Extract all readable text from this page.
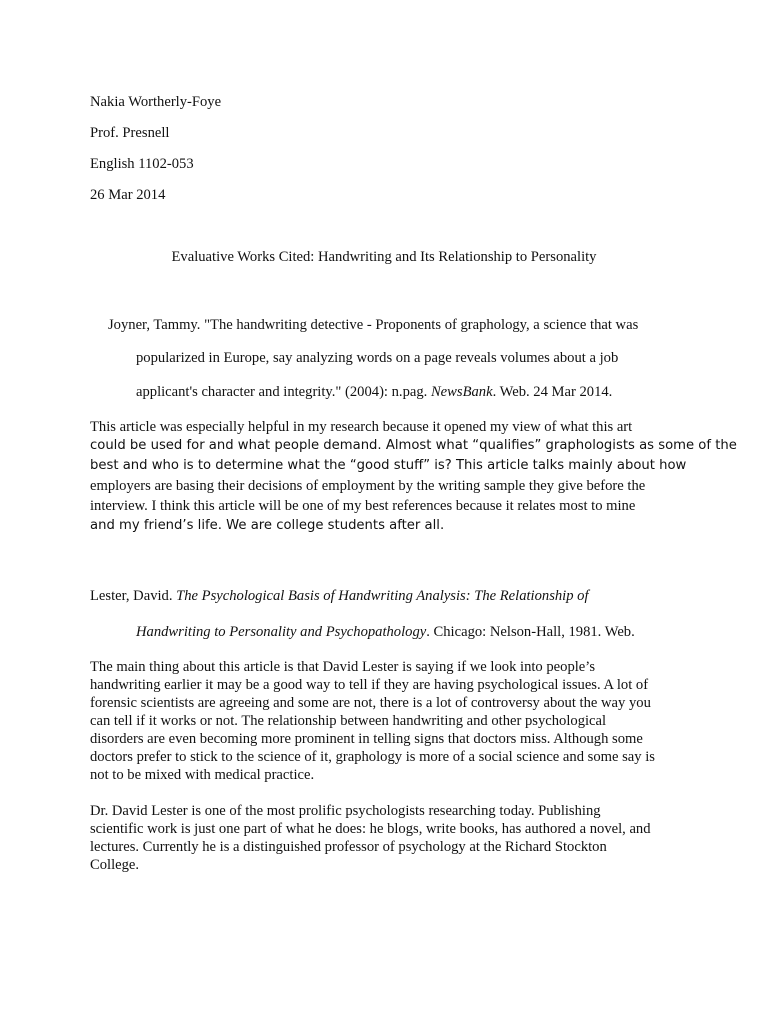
Nakia Wortherly-Foye
Prof. Presnell
English 1102-053
26 Mar 2014
Evaluative Works Cited: Handwriting and Its Relationship to Personality
Joyner, Tammy. "The handwriting detective - Proponents of graphology, a science that was
popularized in Europe, say analyzing words on a page reveals volumes about a job
applicant's character and integrity." (2004): n.pag. NewsBank. Web. 24 Mar 2014.
This article was especially helpful in my research because it opened my view of what this art
could be used for and what people demand. Almost what “qualifies” graphologists as some of the
best and who is to determine what the “good stuff” is? This article talks mainly about how
employers are basing their decisions of employment by the writing sample they give before the
interview. I think this article will be one of my best references because it relates most to mine
and my friend’s life. We are college students after all.
Lester, David. The Psychological Basis of Handwriting Analysis: The Relationship of
Handwriting to Personality and Psychopathology. Chicago: Nelson-Hall, 1981. Web.
The main thing about this article is that David Lester is saying if we look into people’s
handwriting earlier it may be a good way to tell if they are having psychological issues. A lot of
forensic scientists are agreeing and some are not, there is a lot of controversy about the way you
can tell if it works or not. The relationship between handwriting and other psychological
disorders are even becoming more prominent in telling signs that doctors miss. Although some
doctors prefer to stick to the science of it, graphology is more of a social science and some say is
not to be mixed with medical practice.
Dr. David Lester is one of the most prolific psychologists researching today. Publishing
scientific work is just one part of what he does: he blogs, write books, has authored a novel, and
lectures. Currently he is a distinguished professor of psychology at the Richard Stockton
College.
